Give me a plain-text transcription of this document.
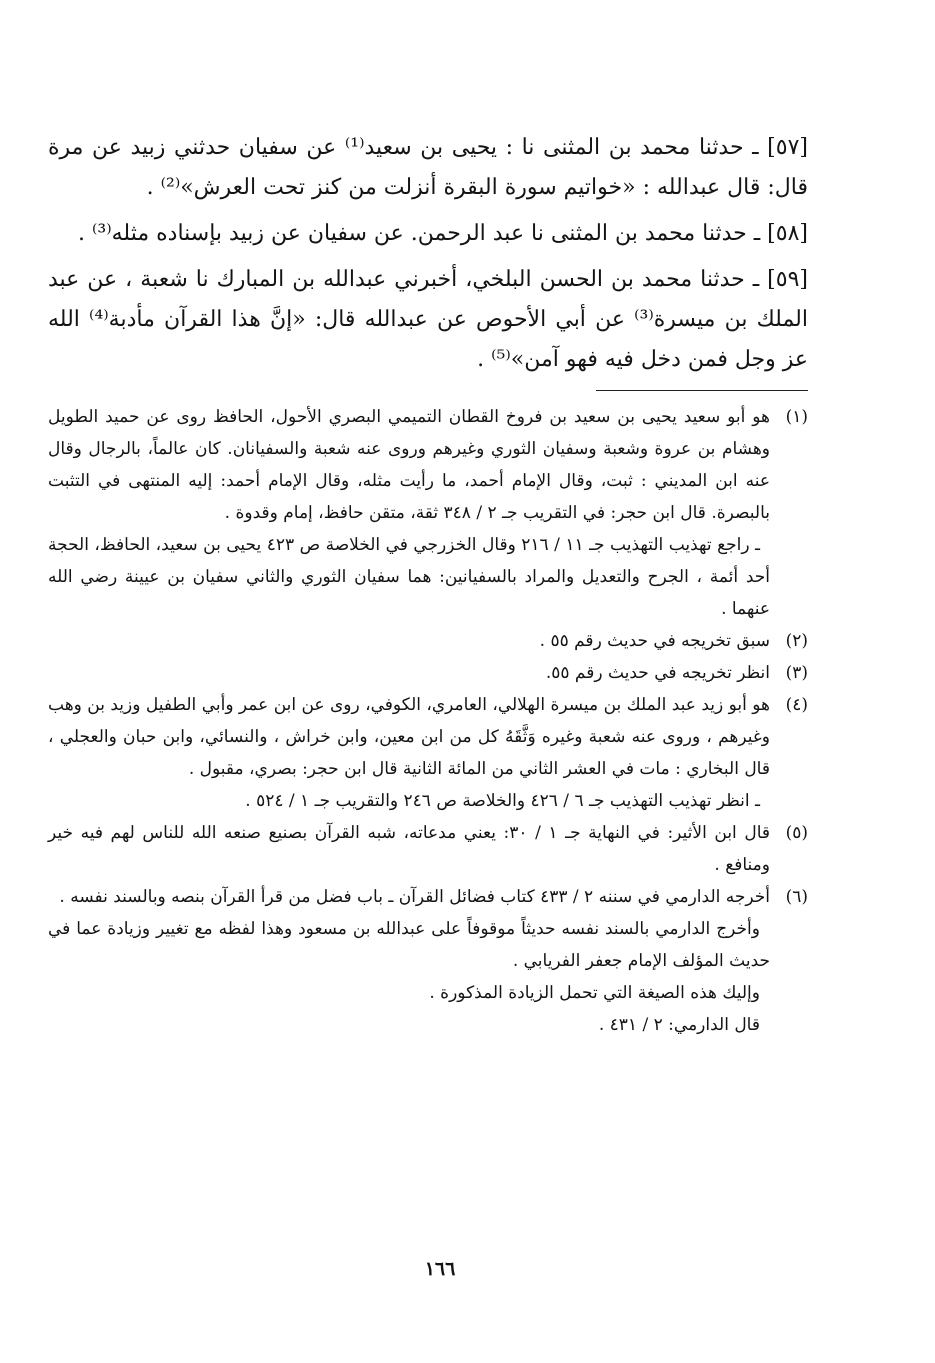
[٥٧] ـ حدثنا محمد بن المثنى نا : يحيى بن سعيد⁽¹⁾ عن سفيان حدثني زبيد عن مرة قال: قال عبدالله : «خواتيم سورة البقرة أنزلت من كنز تحت العرش»⁽²⁾ .

[٥٨] ـ حدثنا محمد بن المثنى نا عبد الرحمن. عن سفيان عن زبيد بإسناده مثله⁽³⁾ .

[٥٩] ـ حدثنا محمد بن الحسن البلخي، أخبرني عبدالله بن المبارك نا شعبة ، عن عبد الملك بن ميسرة⁽³⁾ عن أبي الأحوص عن عبدالله قال: «إنَّ هذا القرآن مأدبة⁽⁴⁾ الله عز وجل فمن دخل فيه فهو آمن»⁽⁵⁾ .

(١)

هو أبو سعيد يحيى بن سعيد بن فروخ القطان التميمي البصري الأحول، الحافظ روى عن حميد الطويل وهشام بن عروة وشعبة وسفيان الثوري وغيرهم وروى عنه شعبة والسفيانان. كان عالماً، بالرجال وقال عنه ابن المديني : ثبت، وقال الإمام أحمد، ما رأيت مثله، وقال الإمام أحمد: إليه المنتهى في التثبت بالبصرة. قال ابن حجر: في التقريب جـ ٢ / ٣٤٨ ثقة، متقن حافظ، إمام وقدوة .

ـ راجع تهذيب التهذيب جـ ١١ / ٢١٦ وقال الخزرجي في الخلاصة ص ٤٢٣ يحيى بن سعيد، الحافظ، الحجة أحد أئمة ، الجرح والتعديل والمراد بالسفيانين: هما سفيان الثوري والثاني سفيان بن عيينة رضي الله عنهما .

(٢)

سبق تخريجه في حديث رقم ٥٥ .

(٣)

انظر تخريجه في حديث رقم ٥٥.

(٤)

هو أبو زيد عبد الملك بن ميسرة الهلالي، العامري، الكوفي، روى عن ابن عمر وأبي الطفيل وزيد بن وهب وغيرهم ، وروى عنه شعبة وغيره وَثَّقَهُ كل من ابن معين، وابن خراش ، والنسائي، وابن حبان والعجلي ، قال البخاري : مات في العشر الثاني من المائة الثانية قال ابن حجر: بصري، مقبول .

ـ انظر تهذيب التهذيب جـ ٦ / ٤٢٦ والخلاصة ص ٢٤٦ والتقريب جـ ١ / ٥٢٤ .

(٥)

قال ابن الأثير: في النهاية جـ ١ / ٣٠: يعني مدعاته، شبه القرآن بصنيع صنعه الله للناس لهم فيه خير ومنافع .

(٦)

أخرجه الدارمي في سننه ٢ / ٤٣٣ كتاب فضائل القرآن ـ باب فضل من قرأ القرآن بنصه وبالسند نفسه .

وأخرج الدارمي بالسند نفسه حديثاً موقوفاً على عبدالله بن مسعود وهذا لفظه مع تغيير وزيادة عما في حديث المؤلف الإمام جعفر الفريابي .

وإليك هذه الصيغة التي تحمل الزيادة المذكورة .

قال الدارمي: ٢ / ٤٣١ .

١٦٦
